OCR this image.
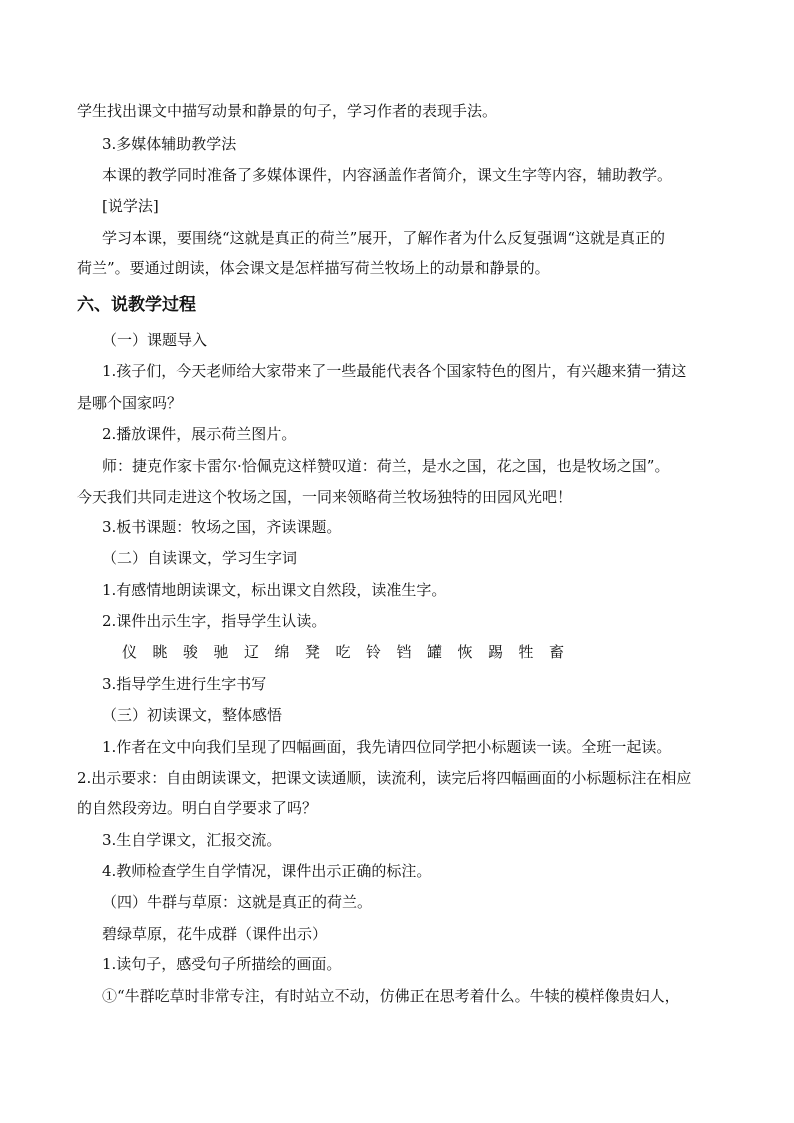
学生找出课文中描写动景和静景的句子，学习作者的表现手法。
3.多媒体辅助教学法
本课的教学同时准备了多媒体课件，内容涵盖作者简介，课文生字等内容，辅助教学。
[说学法]
学习本课，要围绕“这就是真正的荷兰”展开，了解作者为什么反复强调“这就是真正的
荷兰”。要通过朗读，体会课文是怎样描写荷兰牧场上的动景和静景的。
六、说教学过程
（一）课题导入
1.孩子们，今天老师给大家带来了一些最能代表各个国家特色的图片，有兴趣来猜一猜这
是哪个国家吗？
2.播放课件，展示荷兰图片。
师：捷克作家卡雷尔·恰佩克这样赞叹道：荷兰，是水之国，花之国，也是牧场之国”。
今天我们共同走进这个牧场之国，一同来领略荷兰牧场独特的田园风光吧！
3.板书课题：牧场之国，齐读课题。
（二）自读课文，学习生字词
1.有感情地朗读课文，标出课文自然段，读准生字。
2.课件出示生字，指导学生认读。
仪 眺 骏 驰 辽 绵 凳 吃 铃 铛 罐 恢 踢 牲 畜
3.指导学生进行生字书写
（三）初读课文，整体感悟
1.作者在文中向我们呈现了四幅画面，我先请四位同学把小标题读一读。全班一起读。
2.出示要求：自由朗读课文，把课文读通顺，读流利，读完后将四幅画面的小标题标注在相应
的自然段旁边。明白自学要求了吗？
3.生自学课文，汇报交流。
4.教师检查学生自学情况，课件出示正确的标注。
（四）牛群与草原：这就是真正的荷兰。
碧绿草原，花牛成群（课件出示）
1.读句子，感受句子所描绘的画面。
①“牛群吃草时非常专注，有时站立不动，仿佛正在思考着什么。牛犊的模样像贵妇人，
